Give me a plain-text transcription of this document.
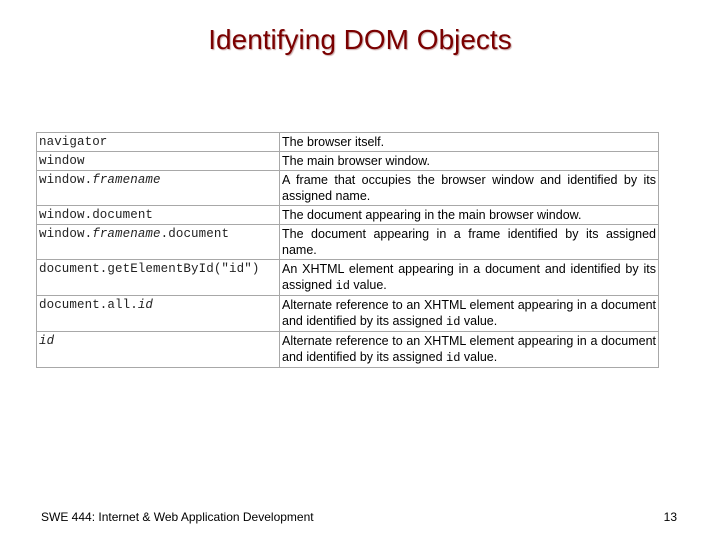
Identifying DOM Objects
navigator	The browser itself.
window	The main browser window.
window.framename	A frame that occupies the browser window and identified by its assigned name.
window.document	The document appearing in the main browser window.
window.framename.document	The document appearing in a frame identified by its assigned name.
document.getElementById("id")	An XHTML element appearing in a document and identified by its assigned id value.
document.all.id	Alternate reference to an XHTML element appearing in a document and identified by its assigned id value.
id	Alternate reference to an XHTML element appearing in a document and identified by its assigned id value.
SWE 444: Internet & Web Application Development	13
